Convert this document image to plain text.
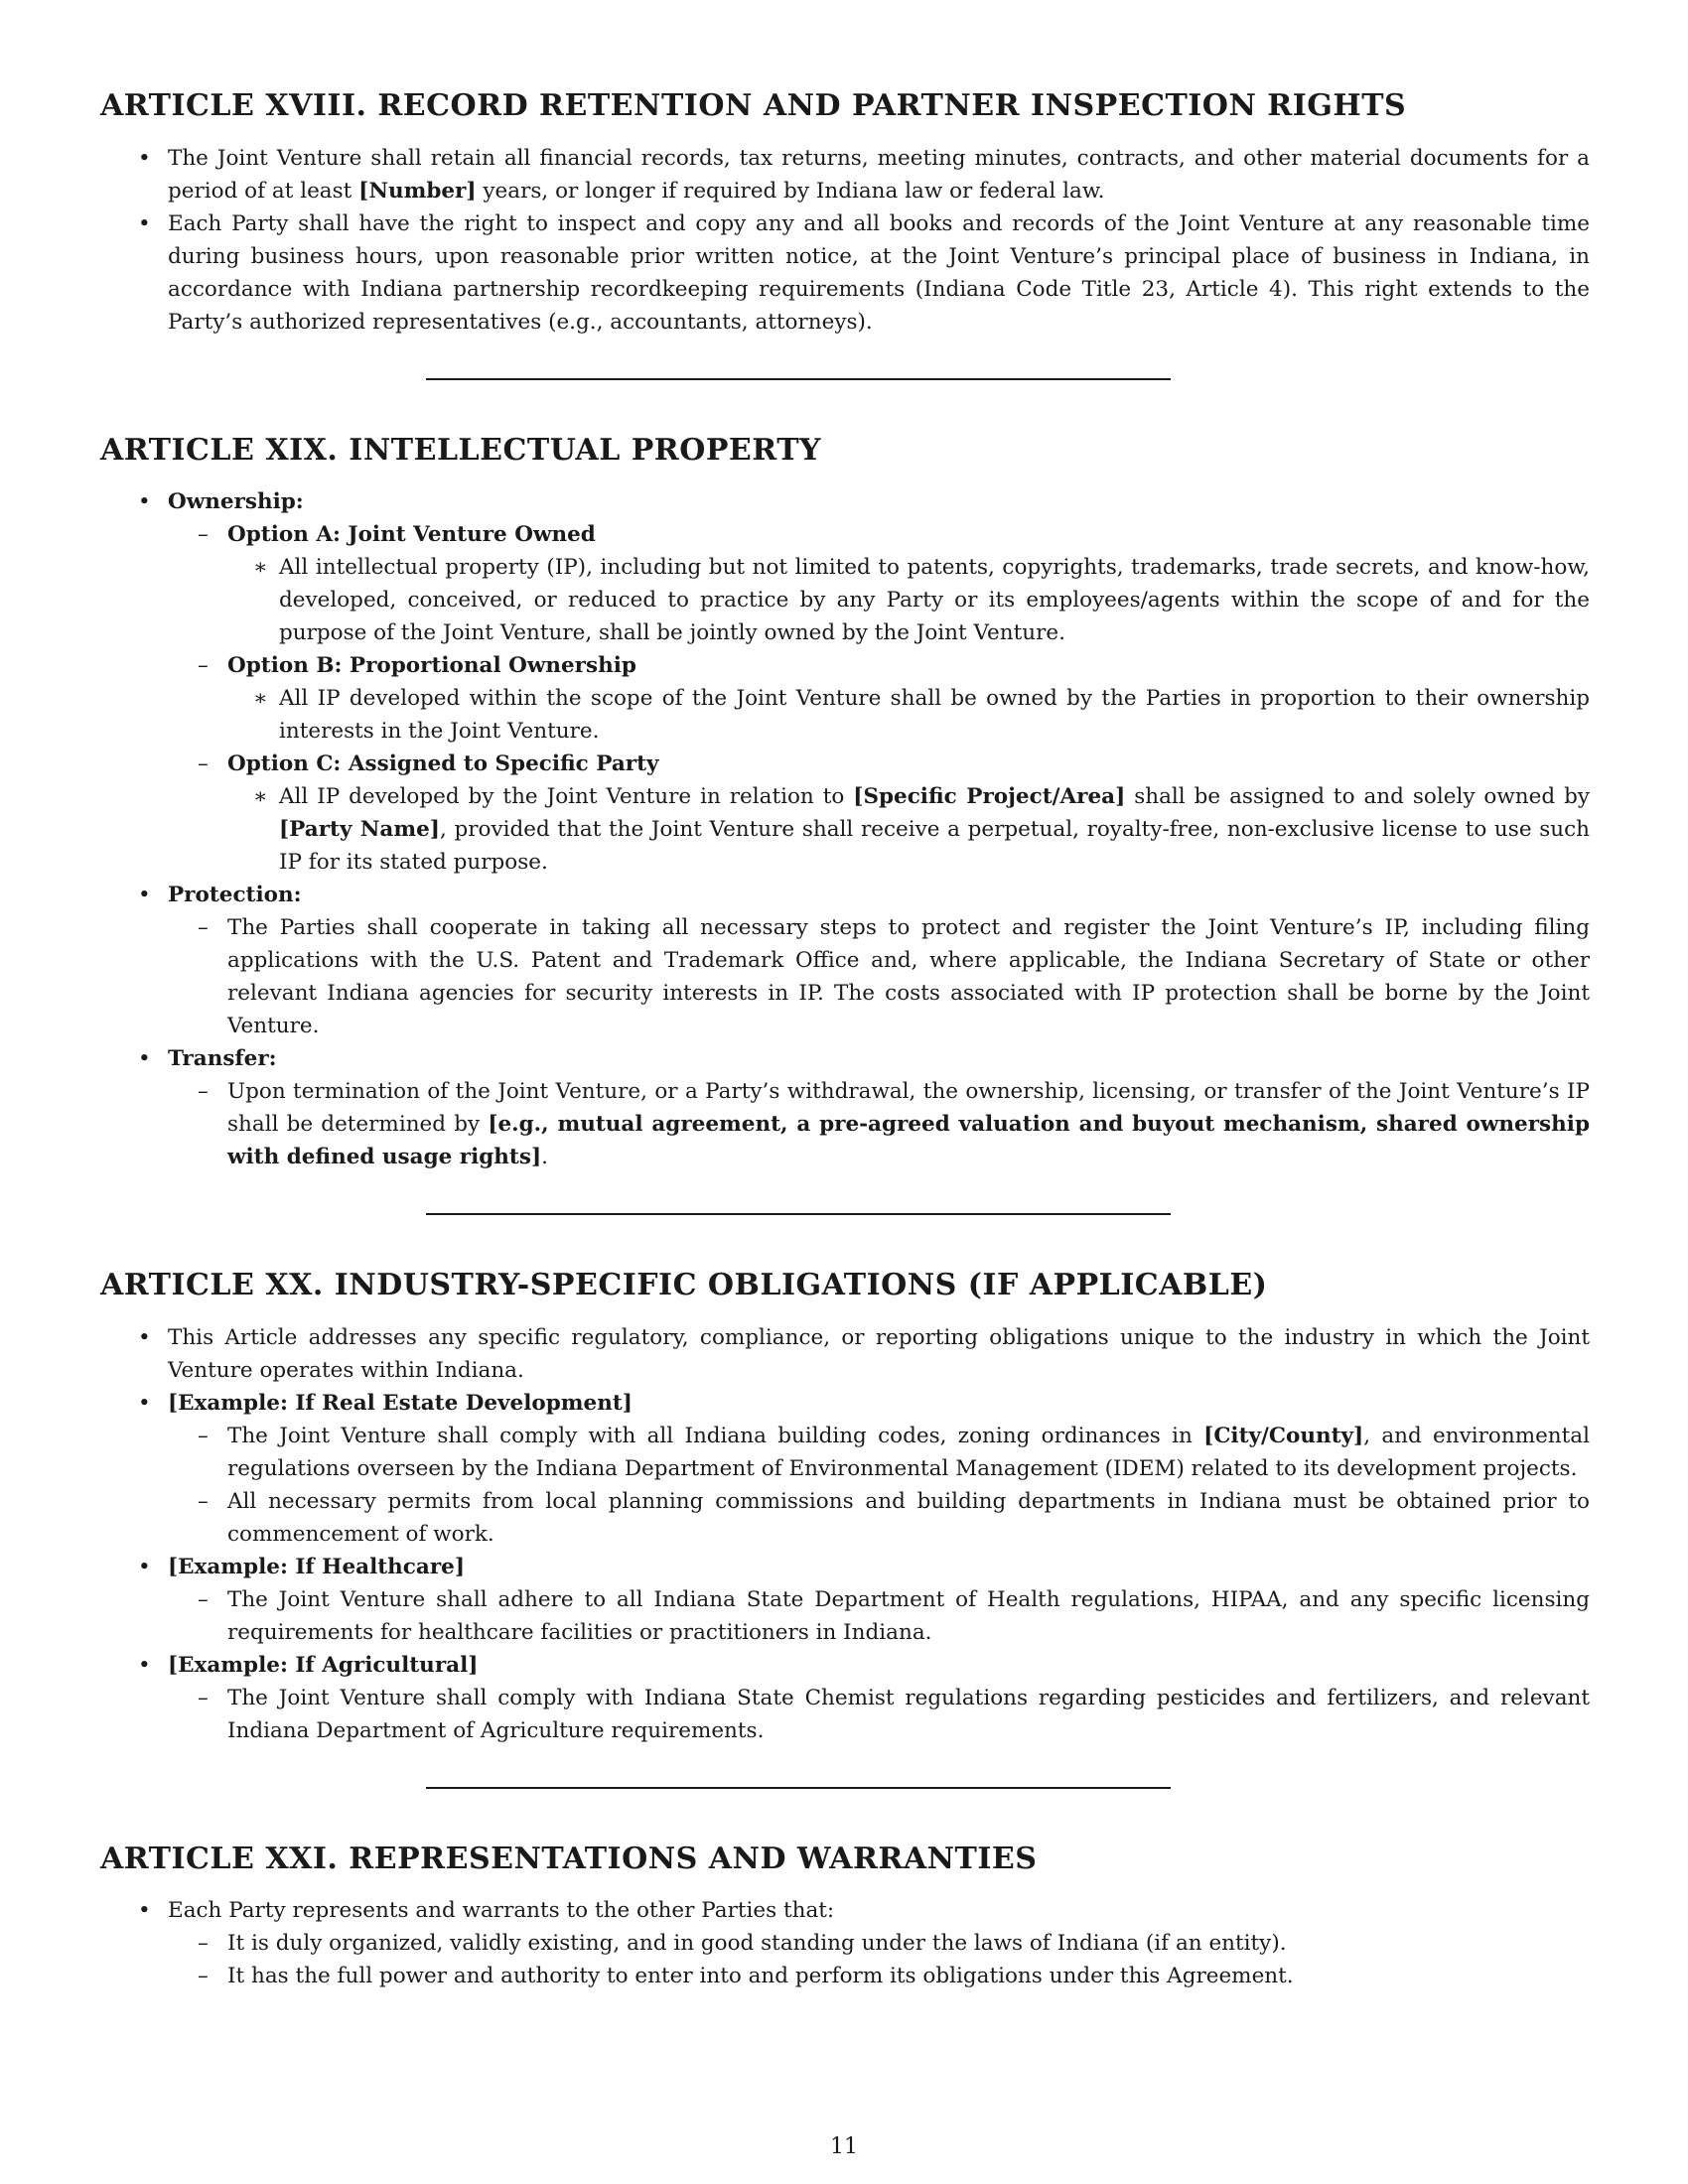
ARTICLE XVIII. RECORD RETENTION AND PARTNER INSPECTION RIGHTS
• The Joint Venture shall retain all financial records, tax returns, meeting minutes, contracts, and other material documents for a period of at least [Number] years, or longer if required by Indiana law or federal law.
• Each Party shall have the right to inspect and copy any and all books and records of the Joint Venture at any reasonable time during business hours, upon reasonable prior written notice, at the Joint Venture’s principal place of business in Indiana, in accordance with Indiana partnership recordkeeping requirements (Indiana Code Title 23, Article 4). This right extends to the Party’s authorized representatives (e.g., accountants, attorneys).
ARTICLE XIX. INTELLECTUAL PROPERTY
• Ownership:
– Option A: Joint Venture Owned
∗ All intellectual property (IP), including but not limited to patents, copyrights, trademarks, trade secrets, and know-how, developed, conceived, or reduced to practice by any Party or its employees/agents within the scope of and for the purpose of the Joint Venture, shall be jointly owned by the Joint Venture.
– Option B: Proportional Ownership
∗ All IP developed within the scope of the Joint Venture shall be owned by the Parties in proportion to their ownership interests in the Joint Venture.
– Option C: Assigned to Specific Party
∗ All IP developed by the Joint Venture in relation to [Specific Project/Area] shall be assigned to and solely owned by [Party Name], provided that the Joint Venture shall receive a perpetual, royalty-free, non-exclusive license to use such IP for its stated purpose.
• Protection:
– The Parties shall cooperate in taking all necessary steps to protect and register the Joint Venture’s IP, including filing applications with the U.S. Patent and Trademark Office and, where applicable, the Indiana Secretary of State or other relevant Indiana agencies for security interests in IP. The costs associated with IP protection shall be borne by the Joint Venture.
• Transfer:
– Upon termination of the Joint Venture, or a Party’s withdrawal, the ownership, licensing, or transfer of the Joint Venture’s IP shall be determined by [e.g., mutual agreement, a pre-agreed valuation and buyout mechanism, shared ownership with defined usage rights].
ARTICLE XX. INDUSTRY-SPECIFIC OBLIGATIONS (IF APPLICABLE)
• This Article addresses any specific regulatory, compliance, or reporting obligations unique to the industry in which the Joint Venture operates within Indiana.
• [Example: If Real Estate Development]
– The Joint Venture shall comply with all Indiana building codes, zoning ordinances in [City/County], and environmental regulations overseen by the Indiana Department of Environmental Management (IDEM) related to its development projects.
– All necessary permits from local planning commissions and building departments in Indiana must be obtained prior to commencement of work.
• [Example: If Healthcare]
– The Joint Venture shall adhere to all Indiana State Department of Health regulations, HIPAA, and any specific licensing requirements for healthcare facilities or practitioners in Indiana.
• [Example: If Agricultural]
– The Joint Venture shall comply with Indiana State Chemist regulations regarding pesticides and fertilizers, and relevant Indiana Department of Agriculture requirements.
ARTICLE XXI. REPRESENTATIONS AND WARRANTIES
• Each Party represents and warrants to the other Parties that:
– It is duly organized, validly existing, and in good standing under the laws of Indiana (if an entity).
– It has the full power and authority to enter into and perform its obligations under this Agreement.
11
